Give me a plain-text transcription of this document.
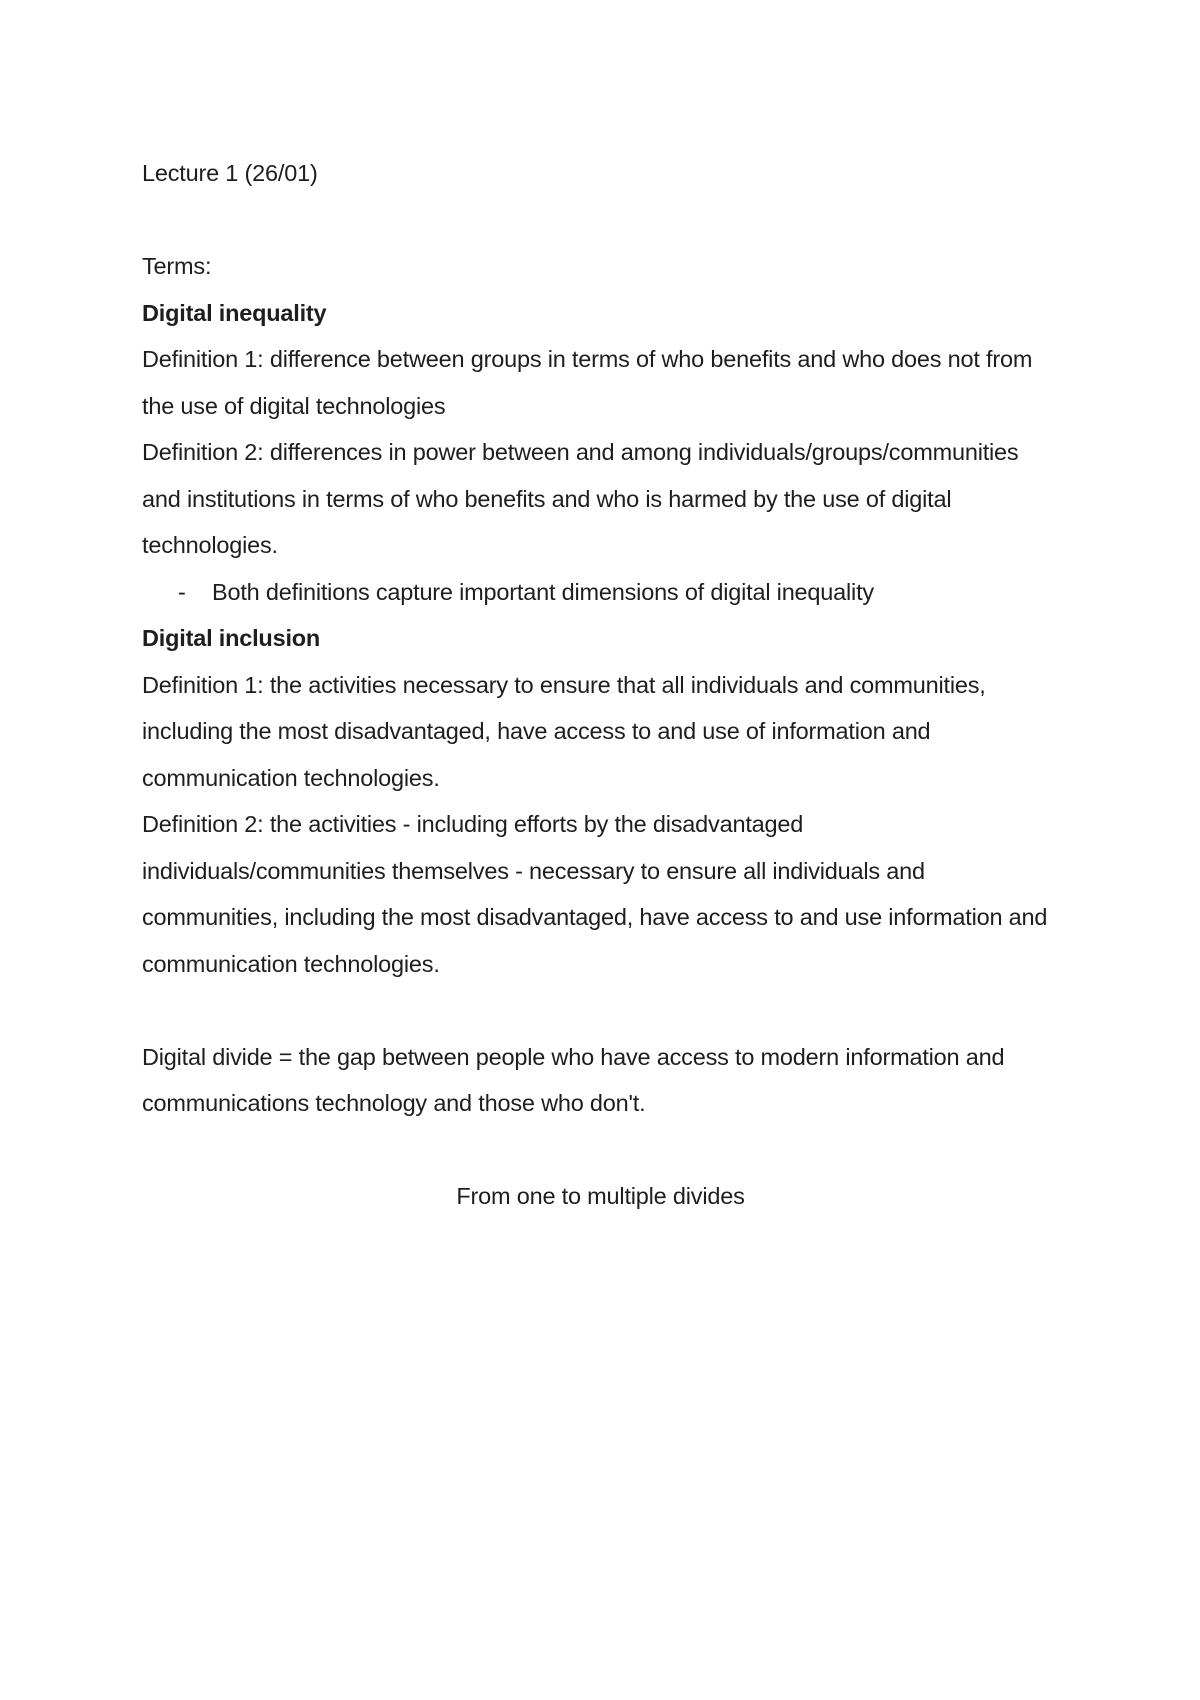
Lecture 1 (26/01)

Terms:

Digital inequality

Definition 1: difference between groups in terms of who benefits and who does not from

the use of digital technologies

Definition 2: differences in power between and among individuals/groups/communities

and institutions in terms of who benefits and who is harmed by the use of digital

technologies.

-	Both definitions capture important dimensions of digital inequality

Digital inclusion

Definition 1: the activities necessary to ensure that all individuals and communities,

including the most disadvantaged, have access to and use of information and

communication technologies.

Definition 2: the activities - including efforts by the disadvantaged

individuals/communities themselves - necessary to ensure all individuals and

communities, including the most disadvantaged, have access to and use information and

communication technologies.

Digital divide = the gap between people who have access to modern information and

communications technology and those who don't.

From one to multiple divides
